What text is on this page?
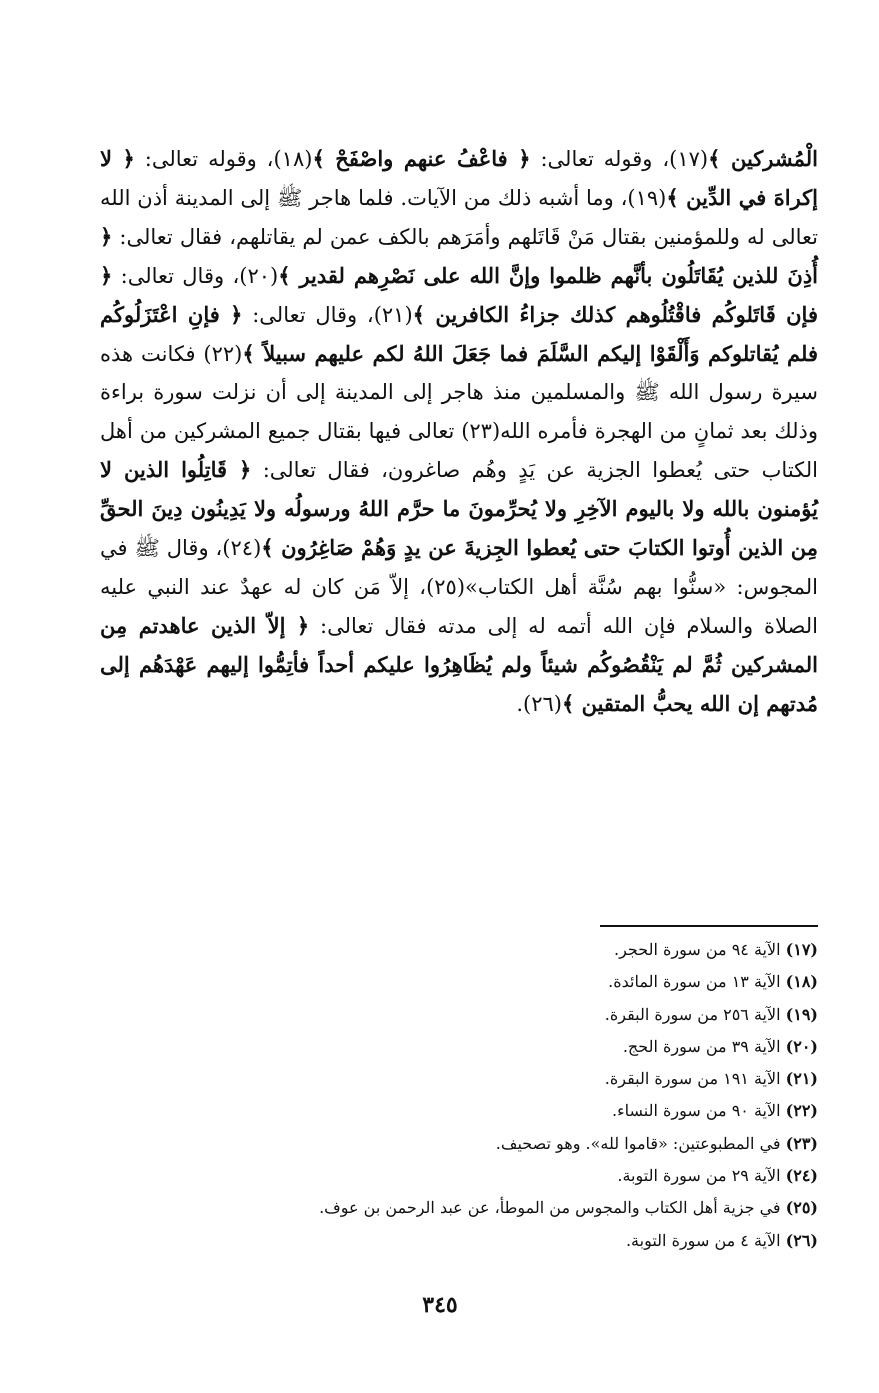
الْمُشركين ﴾(١٧)، وقوله تعالى: ﴿ فاعْفُ عنهم واصْفَحْ ﴾(١٨)، وقوله تعالى: ﴿ لا إكراهَ في الدِّين ﴾(١٩)، وما أشبه ذلك من الآيات. فلما هاجر ﷺ إلى المدينة أذن الله تعالى له وللمؤمنين بقتال مَنْ قَاتَلهم وأمَرَهم بالكف عمن لم يقاتلهم، فقال تعالى: ﴿ أُذِنَ للذين يُقَاتَلُون بأنَّهم ظلموا وإنَّ الله على نَصْرِهم لقدير ﴾(٢٠)، وقال تعالى: ﴿ فإن قَاتَلوكُم فاقْتُلُوهم كذلك جزاءُ الكافرين ﴾(٢١)، وقال تعالى: ﴿ فإنِ اعْتَزَلُوكُم فلم يُقاتلوكم وَأَلْقَوْا إليكم السَّلَمَ فما جَعَلَ اللهُ لكم عليهم سبيلاً ﴾(٢٢) فكانت هذه سيرة رسول الله ﷺ والمسلمين منذ هاجر إلى المدينة إلى أن نزلت سورة براءة وذلك بعد ثمانٍ من الهجرة فأمره الله(٢٣) تعالى فيها بقتال جميع المشركين من أهل الكتاب حتى يُعطوا الجزية عن يَدٍ وهُم صاغرون، فقال تعالى: ﴿ قَاتِلُوا الذين لا يُؤمنون بالله ولا باليوم الآخِرِ ولا يُحرِّمونَ ما حرَّم اللهُ ورسولُه ولا يَدِينُون دِينَ الحقِّ مِن الذين أُوتوا الكتابَ حتى يُعطوا الجِزيةَ عن يدٍ وَهُمْ صَاغِرُون ﴾(٢٤)، وقال ﷺ في المجوس: «سنُّوا بهم سُنَّة أهل الكتاب»(٢٥)، إلاّ مَن كان له عهدٌ عند النبي عليه الصلاة والسلام فإن الله أتمه له إلى مدته فقال تعالى: ﴿ إلاّ الذين عاهدتم مِن المشركين ثُمَّ لم يَنْقُصُوكُم شيئاً ولم يُظَاهِرُوا عليكم أحداً فأتِمُّوا إليهم عَهْدَهُم إلى مُدتهم إن الله يحبُّ المتقين ﴾(٢٦).

(١٧) الآية ٩٤ من سورة الحجر.

(١٨) الآية ١٣ من سورة المائدة.

(١٩) الآية ٢٥٦ من سورة البقرة.

(٢٠) الآية ٣٩ من سورة الحج.

(٢١) الآية ١٩١ من سورة البقرة.

(٢٢) الآية ٩٠ من سورة النساء.

(٢٣) في المطبوعتين: «قاموا لله». وهو تصحيف.

(٢٤) الآية ٢٩ من سورة التوبة.

(٢٥) في جزية أهل الكتاب والمجوس من الموطأ، عن عبد الرحمن بن عوف.

(٢٦) الآية ٤ من سورة التوبة.

٣٤٥
